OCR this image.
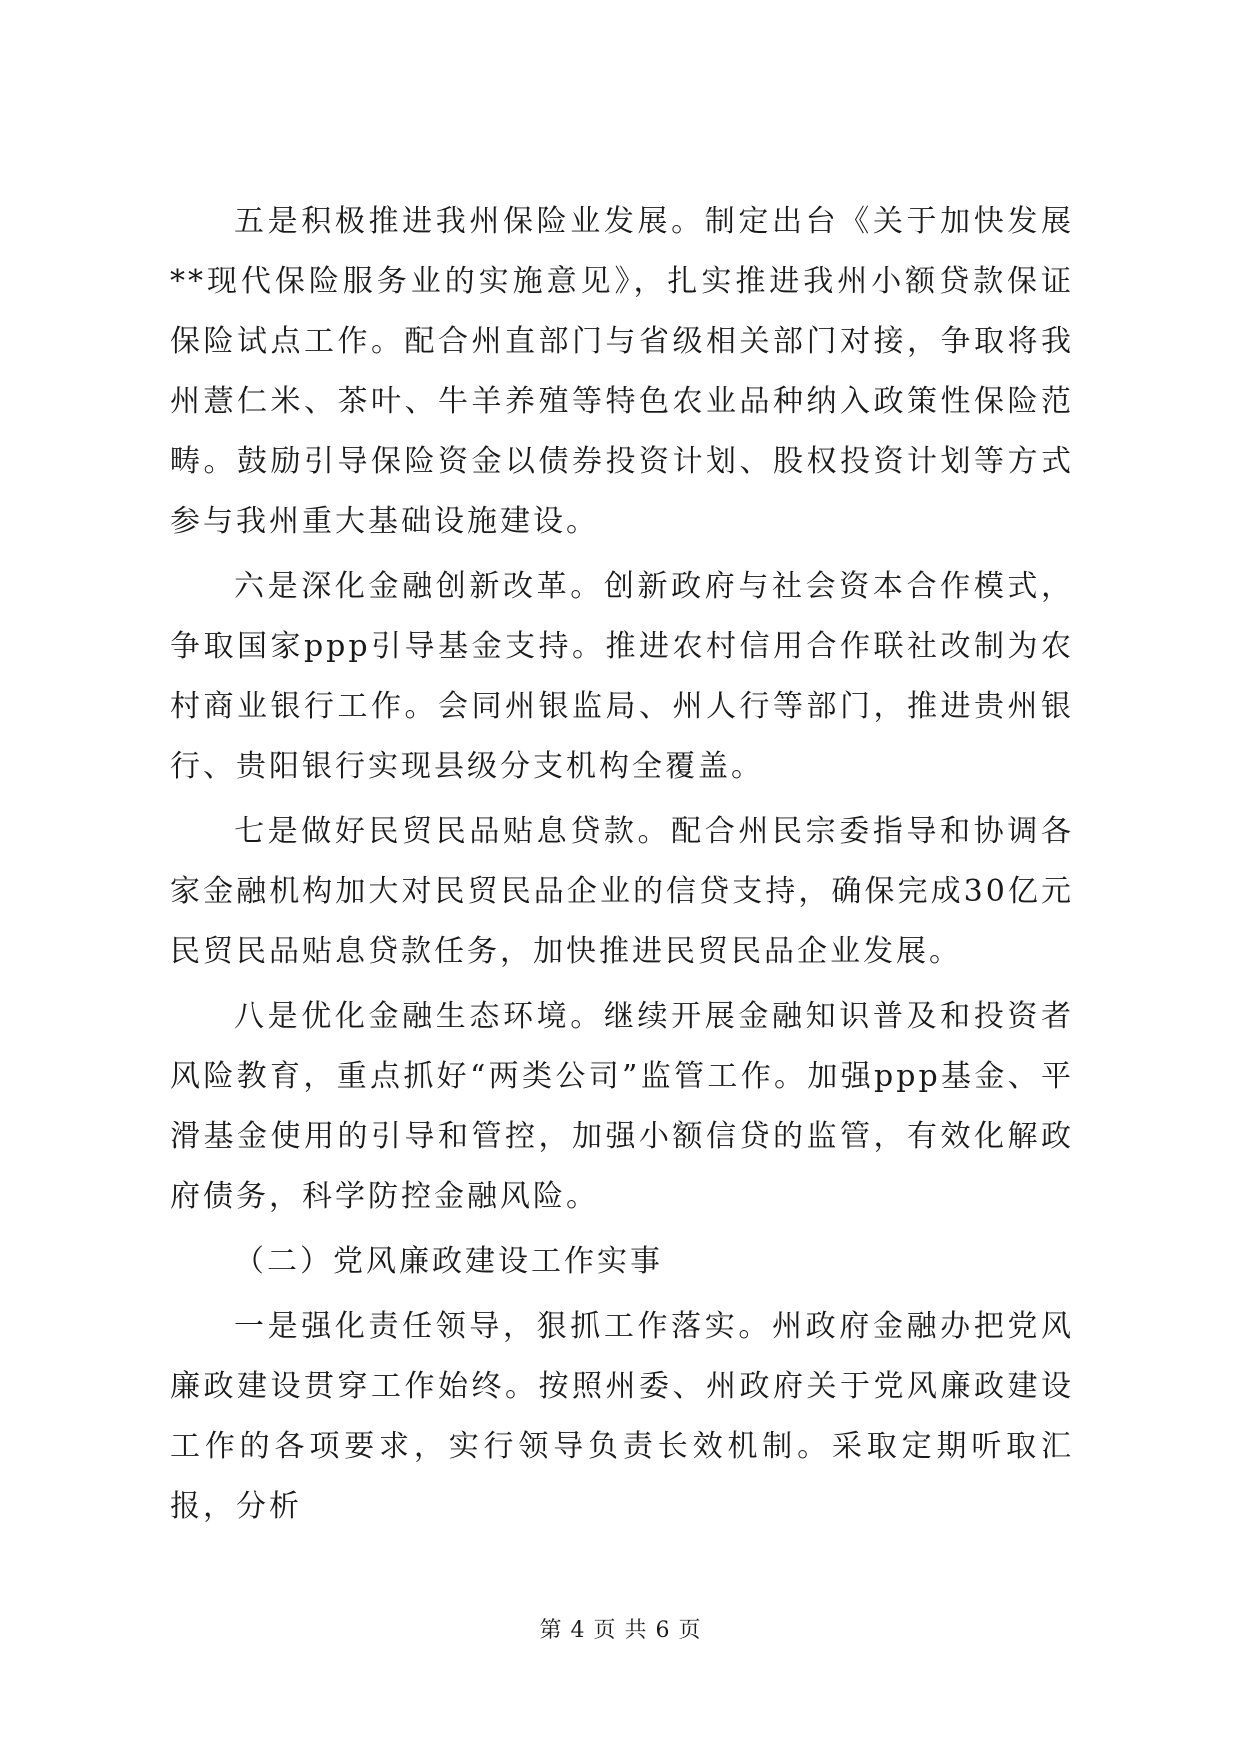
五是积极推进我州保险业发展。制定出台《关于加快发展**现代保险服务业的实施意见》，扎实推进我州小额贷款保证保险试点工作。配合州直部门与省级相关部门对接，争取将我州薏仁米、茶叶、牛羊养殖等特色农业品种纳入政策性保险范畴。鼓励引导保险资金以债券投资计划、股权投资计划等方式参与我州重大基础设施建设。

六是深化金融创新改革。创新政府与社会资本合作模式，争取国家ppp引导基金支持。推进农村信用合作联社改制为农村商业银行工作。会同州银监局、州人行等部门，推进贵州银行、贵阳银行实现县级分支机构全覆盖。

七是做好民贸民品贴息贷款。配合州民宗委指导和协调各家金融机构加大对民贸民品企业的信贷支持，确保完成30亿元民贸民品贴息贷款任务，加快推进民贸民品企业发展。

八是优化金融生态环境。继续开展金融知识普及和投资者风险教育，重点抓好“两类公司”监管工作。加强ppp基金、平滑基金使用的引导和管控，加强小额信贷的监管，有效化解政府债务，科学防控金融风险。

（二）党风廉政建设工作实事

一是强化责任领导，狠抓工作落实。州政府金融办把党风廉政建设贯穿工作始终。按照州委、州政府关于党风廉政建设工作的各项要求，实行领导负责长效机制。采取定期听取汇报，分析

第 4 页 共 6 页
